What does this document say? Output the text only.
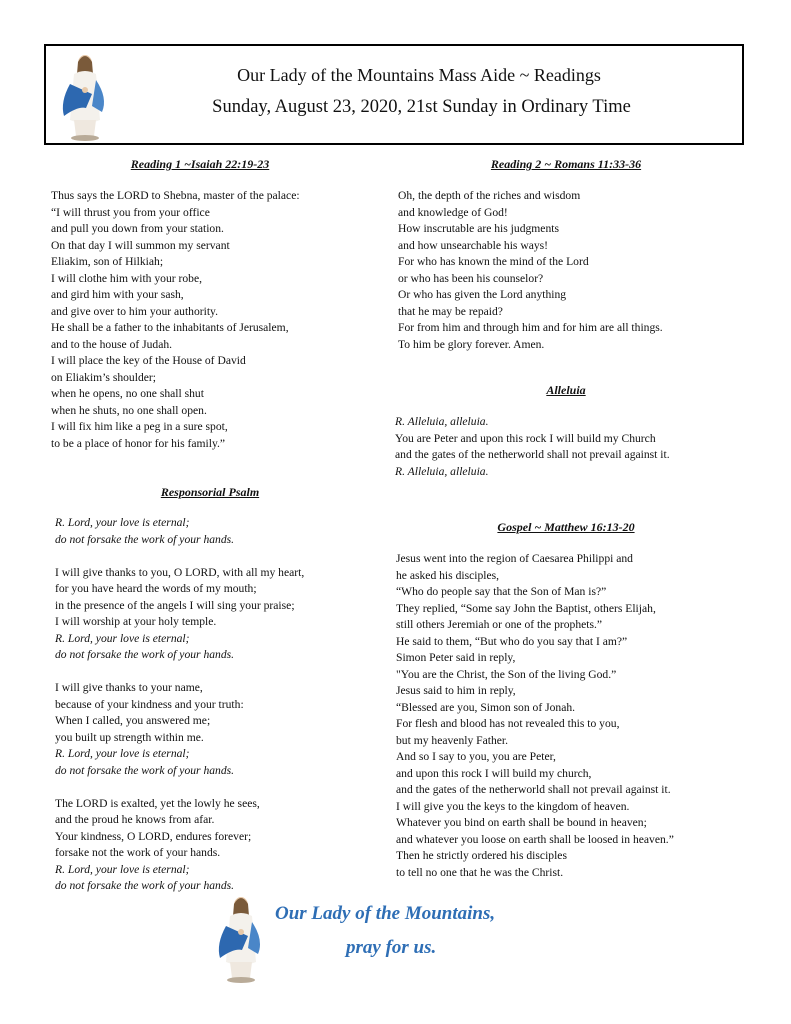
Our Lady of the Mountains Mass Aide ~ Readings
Sunday, August 23, 2020, 21st Sunday in Ordinary Time
Reading 1 ~Isaiah 22:19-23
Thus says the LORD to Shebna, master of the palace:
“I will thrust you from your office
and pull you down from your station.
On that day I will summon my servant
Eliakim, son of Hilkiah;
I will clothe him with your robe,
and gird him with your sash,
and give over to him your authority.
He shall be a father to the inhabitants of Jerusalem,
and to the house of Judah.
I will place the key of the House of David
on Eliakim’s shoulder;
when he opens, no one shall shut
when he shuts, no one shall open.
I will fix him like a peg in a sure spot,
to be a place of honor for his family.”
Responsorial Psalm
R. Lord, your love is eternal;
do not forsake the work of your hands.
I will give thanks to you, O LORD, with all my heart,
for you have heard the words of my mouth;
in the presence of the angels I will sing your praise;
I will worship at your holy temple.
R. Lord, your love is eternal;
do not forsake the work of your hands.
I will give thanks to your name,
because of your kindness and your truth:
When I called, you answered me;
you built up strength within me.
R. Lord, your love is eternal;
do not forsake the work of your hands.
The LORD is exalted, yet the lowly he sees,
and the proud he knows from afar.
Your kindness, O LORD, endures forever;
forsake not the work of your hands.
R. Lord, your love is eternal;
do not forsake the work of your hands.
Reading 2 ~ Romans 11:33-36
Oh, the depth of the riches and wisdom
and knowledge of God!
How inscrutable are his judgments
and how unsearchable his ways!
For who has known the mind of the Lord
or who has been his counselor?
Or who has given the Lord anything
that he may be repaid?
For from him and through him and for him are all things.
To him be glory forever. Amen.
Alleluia
R. Alleluia, alleluia.
You are Peter and upon this rock I will build my Church
and the gates of the netherworld shall not prevail against it.
R. Alleluia, alleluia.
Gospel ~ Matthew 16:13-20
Jesus went into the region of Caesarea Philippi and
he asked his disciples,
“Who do people say that the Son of Man is?”
They replied, “Some say John the Baptist, others Elijah,
still others Jeremiah or one of the prophets.”
He said to them, “But who do you say that I am?”
Simon Peter said in reply,
"You are the Christ, the Son of the living God.”
Jesus said to him in reply,
“Blessed are you, Simon son of Jonah.
For flesh and blood has not revealed this to you,
but my heavenly Father.
And so I say to you, you are Peter,
and upon this rock I will build my church,
and the gates of the netherworld shall not prevail against it.
I will give you the keys to the kingdom of heaven.
Whatever you bind on earth shall be bound in heaven;
and whatever you loose on earth shall be loosed in heaven.”
Then he strictly ordered his disciples
to tell no one that he was the Christ.
Our Lady of the Mountains,
pray for us.
